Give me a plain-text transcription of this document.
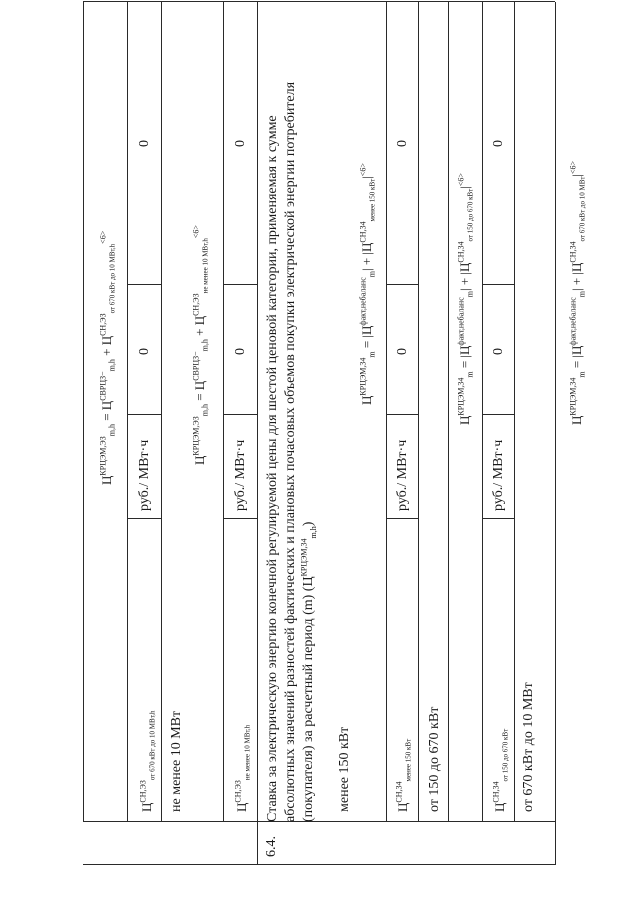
$Ц^{КРЦЭМ,ЭЗ}_{m,h} = Ц^{СВРЦЗ-}_{m,h} + Ц^{СН,ЭЗ}_{от 670 кВт до 10 МВт,h}^{<6>}$
$Ц^{СН,ЭЗ}_{от 670 кВт до 10 МВт,h}$
руб./ МВт·ч
0
0
не менее 10 МВт
$Ц^{КРЦЭМ,ЭЗ}_{m,h} = Ц^{СВРЦЗ-}_{m,h} + Ц^{СН,ЭЗ}_{не менее 10 МВт,h}^{<6>}$
$Ц^{СН,ЭЗ}_{не менее 10 МВт,h}$
руб./ МВт·ч
0
0
6.4.
Ставка за электрическую энергию конечной регулируемой цены для шестой ценовой категории, применяемая к сумме абсолютных значений разностей фактических и плановых почасовых объемов покупки электрической энергии потребителя (покупателя) за расчетный период (m) $(Ц^{КРЦЭМ,34}_{m,h})$
менее 150 кВт
$Ц^{КРЦЭМ,34}_m = |Ц^{факт,небаланс}_m| + |Ц^{СН,34}_{менее 150 кВт}|^{<6>}$
$Ц^{СН,34}_{менее 150 кВт}$
руб./ МВт·ч
0
0
от 150 до 670 кВт
$Ц^{КРЦЭМ,34}_m = |Ц^{факт,небаланс}_m| + |Ц^{СН,34}_{от 150 до 670 кВт}|^{<6>}$
$Ц^{СН,34}_{от 150 до 670 кВт}$
руб./ МВт·ч
0
0
от 670 кВт до 10 МВт
$Ц^{КРЦЭМ,34}_m = |Ц^{факт,небаланс}_m| + |Ц^{СН,34}_{от 670 кВт до 10 МВт}|^{<6>}$
